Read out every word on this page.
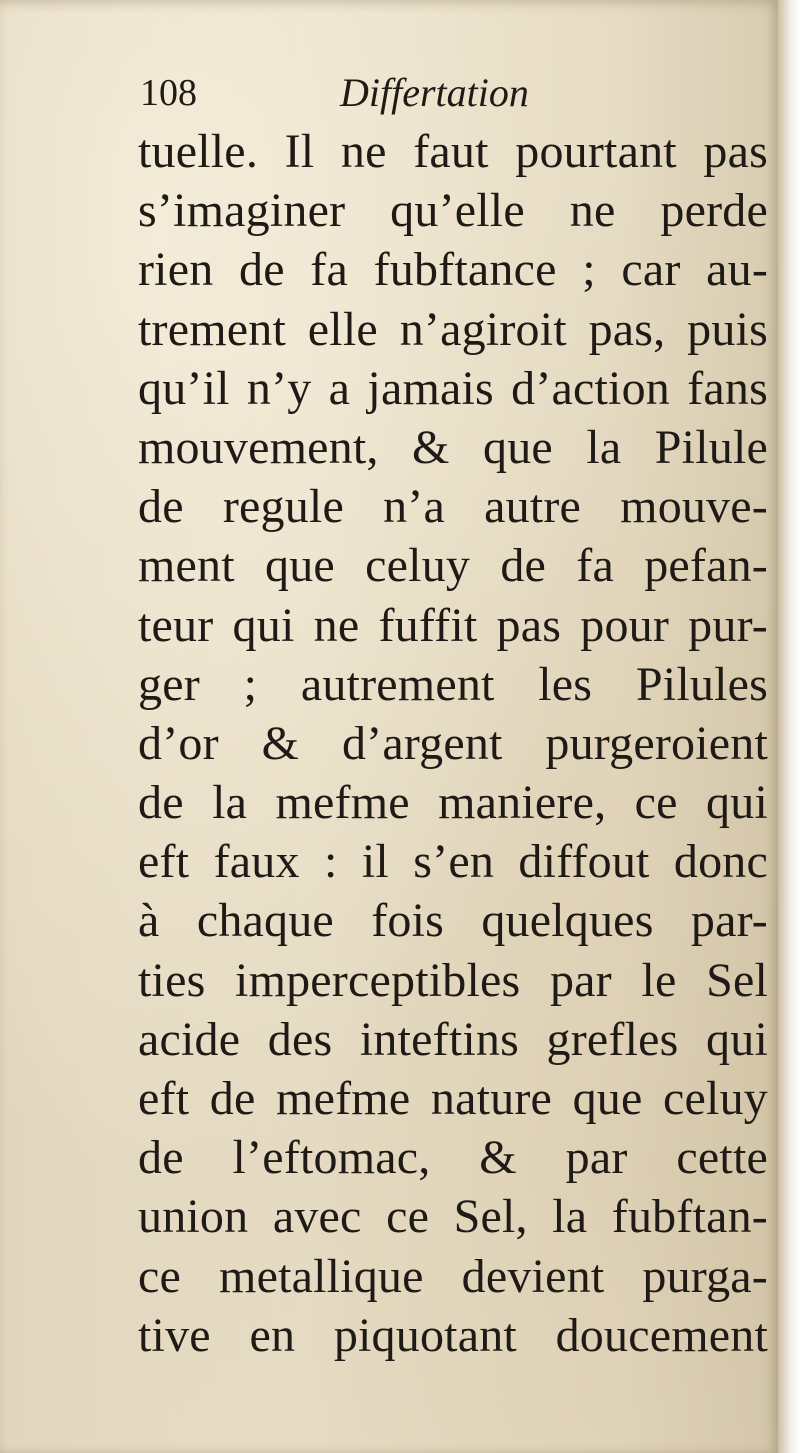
108	Differtation
tuelle. Il ne faut pourtant pas
s’imaginer qu’elle ne perde
rien de fa fubftance ; car au-
trement elle n’agiroit pas, puis
qu’il n’y a jamais d’action fans
mouvement, & que la Pilule
de regule n’a autre mouve-
ment que celuy de fa pefan-
teur qui ne fuffit pas pour pur-
ger ; autrement les Pilules
d’or & d’argent purgeroient
de la mefme maniere, ce qui
eft faux : il s’en diffout donc
à chaque fois quelques par-
ties imperceptibles par le Sel
acide des inteftins grefles qui
eft de mefme nature que celuy
de l’eftomac, & par cette
union avec ce Sel, la fubftan-
ce metallique devient purga-
tive en piquotant doucement
